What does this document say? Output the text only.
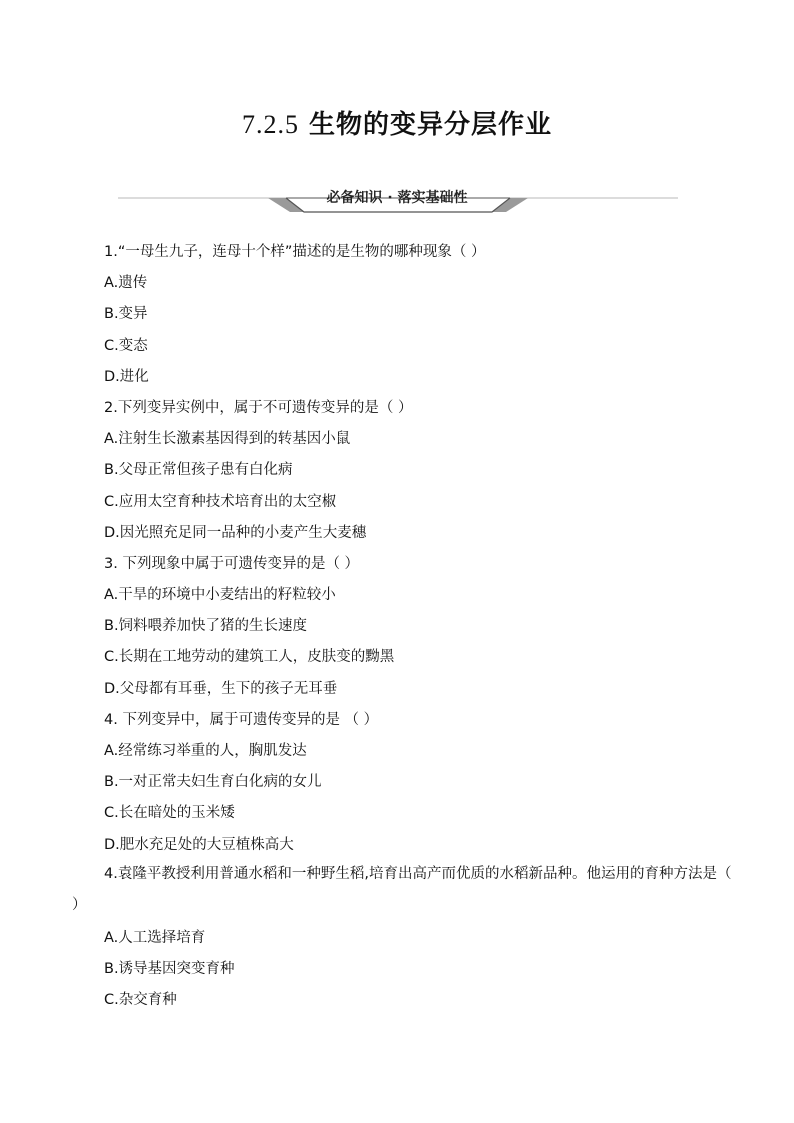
7.2.5 生物的变异分层作业
必备知识 · 落实基础性
1.“一母生九子，连母十个样”描述的是生物的哪种现象（ ）
A.遗传
B.变异
C.变态
D.进化
2.下列变异实例中，属于不可遗传变异的是（ ）
A.注射生长激素基因得到的转基因小鼠
B.父母正常但孩子患有白化病
C.应用太空育种技术培育出的太空椒
D.因光照充足同一品种的小麦产生大麦穗
3. 下列现象中属于可遗传变异的是（ ）
A.干旱的环境中小麦结出的籽粒较小
B.饲料喂养加快了猪的生长速度
C.长期在工地劳动的建筑工人，皮肤变的黝黑
D.父母都有耳垂，生下的孩子无耳垂
4. 下列变异中，属于可遗传变异的是 （ ）
A.经常练习举重的人，胸肌发达
B.一对正常夫妇生育白化病的女儿
C.长在暗处的玉米矮
D.肥水充足处的大豆植株高大
4.袁隆平教授利用普通水稻和一种野生稻,培育出高产而优质的水稻新品种。他运用的育种方法是（ ）
A.人工选择培育
B.诱导基因突变育种
C.杂交育种
